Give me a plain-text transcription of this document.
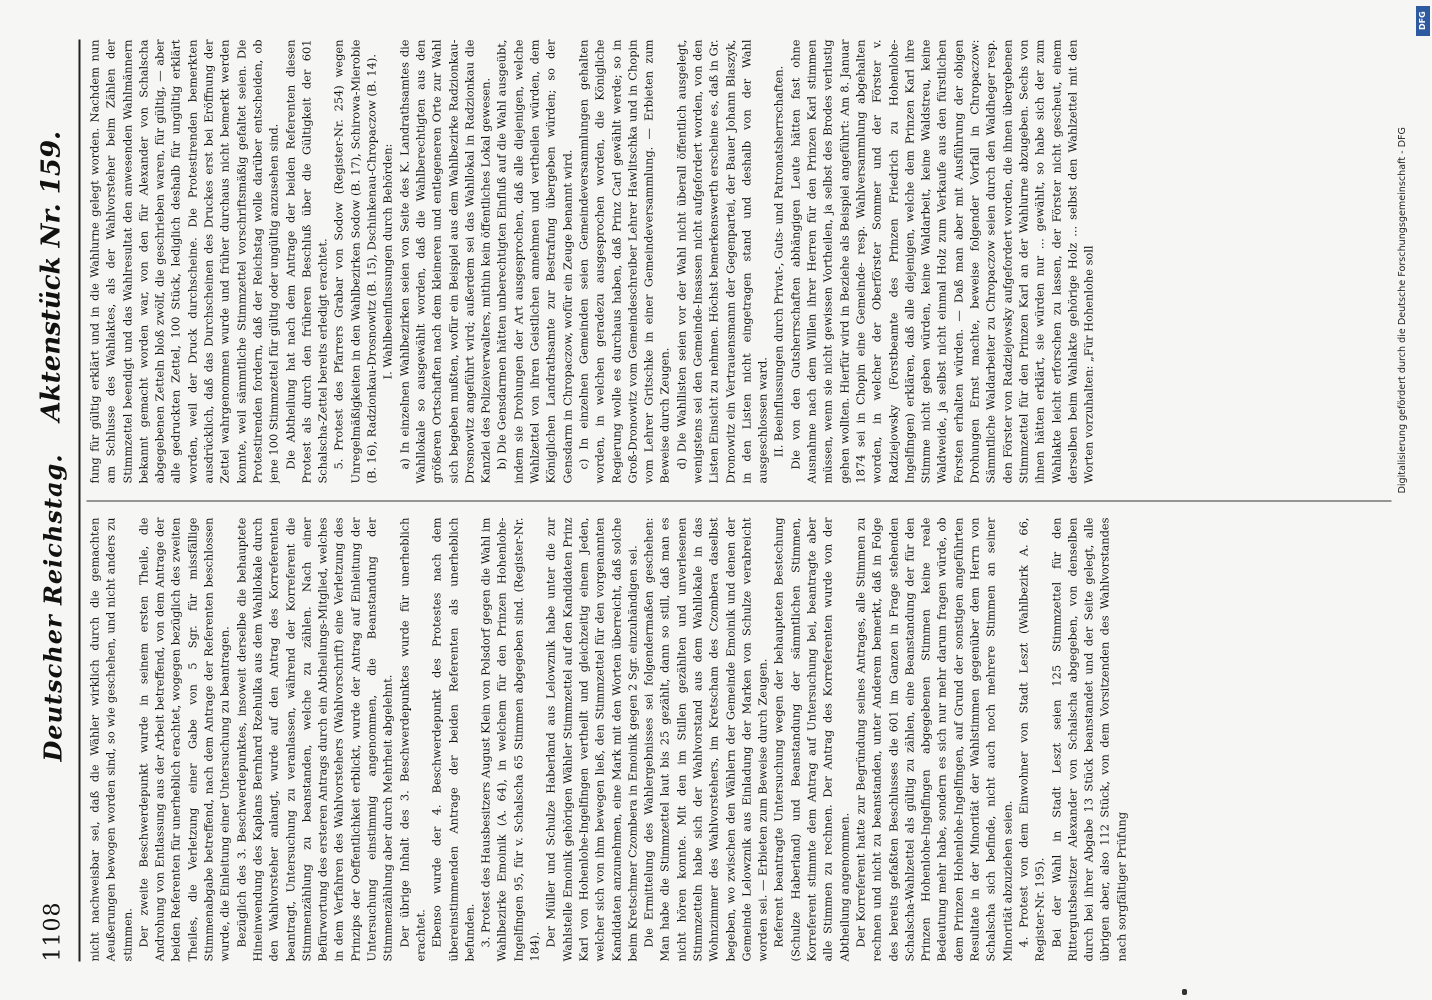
1108
Deutscher Reichstag.
Aktenstück Nr. 159.

nicht nachweisbar sei, daß die Wähler wirklich durch die gemachten Aeußerungen bewogen worden sind, so wie geschehen, und nicht anders zu stimmen. Der zweite Beschwerdepunkt wurde in seinem ersten Theile, die Androhung von Entlassung aus der Arbeit betreffend, von dem Antrage der beiden Referenten für unerheblich erachtet, wogegen bezüglich des zweiten Theiles, die Verletzung einer Gabe von 5 Sgr. für missfällige Stimmenabgabe betreffend, nach dem Antrage der Referenten beschlossen wurde, die Einleitung einer Untersuchung zu beantragen. Bezüglich des 3. Beschwerdepunktes, insoweit derselbe die behauptete Hineinwendung des Kaplans Bernhard Rzehulka aus dem Wahllokale durch den Wahlvorsteher anlangt, wurde auf den Antrag des Korreferenten beantragt, Untersuchung zu veranlassen, während der Korreferent die Stimmenzählung zu beanstanden, welche zu zählen. Nach einer Befürwortung des ersteren Antrags durch ein Abtheilungs-Mitglied, welches in dem Verfahren des Wahlvorstehers (Wahlvorschrift) eine Verletzung des Prinzips der Oeffentlichkeit erblickt, wurde der Antrag auf Einleitung der Untersuchung einstimmig angenommen, die Beanstandung der Stimmenzählung aber durch Mehrheit abgelehnt. Der übrige Inhalt des 3. Beschwerdepunktes wurde für unerheblich erachtet. Ebenso wurde der 4. Beschwerdepunkt des Protestes nach dem übereinstimmenden Antrage der beiden Referenten als unerheblich befunden. 3. Protest des Hausbesitzers August Klein von Polsdorf gegen die Wahl im Wahlbezirke Emoinik (A. 64), in welchem für den Prinzen Hohenlohe-Ingelfingen 95, für v. Schalscha 65 Stimmen abgegeben sind. (Register-Nr. 184). Der Müller und Schulze Haberland aus Lelowznik habe unter die zur Wahlstelle Emoinik gehörigen Wähler Stimmzettel auf den Kandidaten Prinz Karl von Hohenlohe-Ingelfingen vertheilt und gleichzeitig einem Jeden, welcher sich von ihm bewegen ließ, den Stimmzettel für den vorgenannten Kandidaten anzunehmen, eine Mark mit den Worten überreicht, daß solche beim Kretschmer Czombera in Emoinik gegen 2 Sgr. einzuhändigen sei. Die Ermittelung des Wahlergebnisses sei folgendermaßen geschehen: Man habe die Stimmzettel laut bis 25 gezählt, dann so still, daß man es nicht hören konnte. Mit den im Stillen gezählten und unverlesenen Stimmzetteln habe sich der Wahlvorstand aus dem Wahllokale in das Wohnzimmer des Wahlvorstehers, im Kretscham des Czombera daselbst begeben, wo zwischen den Wählern der Gemeinde Emoinik und denen der Gemeinde Lelowznik aus Einladung der Marken von Schulze verabreicht worden sei. — Erbieten zum Beweise durch Zeugen. Referent beantragte Untersuchung wegen der behaupteten Bestechung (Schulze Haberland) und Beanstandung der sämmtlichen Stimmen, Korreferent stimmte dem Antrag auf Untersuchung bei, beantragte aber alle Stimmen zu rechnen. Der Antrag des Korreferenten wurde von der Abtheilung angenommen. Der Korreferent hatte zur Begründung seines Antrages, alle Stimmen zu rechnen und nicht zu beanstanden, unter Anderem bemerkt, daß in Folge des bereits gefaßten Beschlusses die 601 im Ganzen in Frage stehenden Schalscha-Wahlzettel als gültig zu zählen, eine Beanstandung der für den Prinzen Hohenlohe-Ingelfingen abgegebenen Stimmen keine reale Bedeutung mehr habe, sondern es sich nur mehr darum fragen würde, ob dem Prinzen Hohenlohe-Ingelfingen, auf Grund der sonstigen angeführten Resultate in der Minorität der Wahlstimmen gegenüber dem Herrn von Schalscha sich befinde, nicht auch noch mehrere Stimmen an seiner Minorität abzuziehen seien. 4. Protest von dem Einwohner von Stadt Leszt (Wahlbezirk A. 66, Register-Nr. 195). Bei der Wahl in Stadt Leszt seien 125 Stimmzettel für den Rittergutsbesitzer Alexander von Schalscha abgegeben, von denselben durch bei ihrer Abgabe 13 Stück beanstandet und der Seite gelegt, alle übrigen aber, also 112 Stück, von dem Vorsitzenden des Wahlvorstandes nach sorgfältiger Prüfung

fung für gültig erklärt und in die Wahlurne gelegt worden. Nachdem nun am Schlusse des Wahlaktes, als der Wahlvorsteher beim Zählen der Stimmzettel beendigt und das Wahlresultat den anwesenden Wahlmännern bekannt gemacht worden war, von den für Alexander von Schalscha abgegebenen Zetteln bloß zwölf, die geschrieben waren, für gültig, — aber alle gedruckten Zettel, 100 Stück, lediglich deshalb für ungültig erklärt worden, weil der Druck durchscheine. Die Protestirenden bemerkten ausdrücklich, daß das Durchscheinen des Druckes erst bei Eröffnung der Zettel wahrgenommen wurde und früher durchaus nicht bemerkt werden konnte, weil sämmtliche Stimmzettel vorschriftsmäßig gefaltet seien. Die Protestirenden fordern, daß der Reichstag wolle darüber entscheiden, ob jene 100 Stimmzettel für gültig oder ungültig anzusehen sind. Die Abtheilung hat nach dem Antrage der beiden Referenten diesen Protest als durch den früheren Beschluß über die Gültigkeit der 601 Schalscha-Zettel bereits erledigt erachtet. 5. Protest des Pfarrers Grabar von Sodow (Register-Nr. 254) wegen Unregelmäßigkeiten in den Wahlbezirken Sodow (B. 17), Schirowa-Mierobie (B. 16), Radzionkau-Drosnowitz (B. 15), Dschinkenau-Chropaczow (B. 14). I. Wahlbeeinflussungen durch Behörden: a) In einzelnen Wahlbezirken seien von Seite des K. Landrathsamtes die Wahllokale so ausgewählt worden, daß die Wahlberechtigten aus den größeren Ortschaften nach dem kleineren und entlegeneren Orte zur Wahl sich begeben mußten, wofür ein Beispiel aus dem Wahlbezirke Radzionkau-Drosnowitz angeführt wird; außerdem sei das Wahllokal in Radzionkau die Kanzlei des Polizeiverwalters, mithin kein öffentliches Lokal gewesen. b) Die Gensdarmen hätten unberechtigten Einfluß auf die Wahl ausgeübt, indem sie Drohungen der Art ausgesprochen, daß alle diejenigen, welche Wahlzettel von ihren Geistlichen annehmen und vertheilen würden, dem Königlichen Landrathsamte zur Bestrafung übergeben würden; so der Gensdarm in Chropaczow, wofür ein Zeuge benannt wird. c) In einzelnen Gemeinden seien Gemeindeversammlungen gehalten worden, in welchen geradezu ausgesprochen worden, die Königliche Regierung wolle es durchaus haben, daß Prinz Carl gewählt werde; so in Groß-Dronowitz vom Gemeindeschreiber Lehrer Hawlitschka und in Chopin vom Lehrer Gritschke in einer Gemeindeversammlung. — Erbieten zum Beweise durch Zeugen. d) Die Wahllisten seien vor der Wahl nicht überall öffentlich ausgelegt, wenigstens sei den Gemeinde-Insassen nicht aufgefordert worden, von den Listen Einsicht zu nehmen. Höchst bemerkenswerth erscheine es, daß in Gr. Dronowitz ein Vertrauensmann der Gegenpartei, der Bauer Johann Blaszyk, in den Listen nicht eingetragen stand und deshalb von der Wahl ausgeschlossen ward. II. Beeinflussungen durch Privat-, Guts- und Patronatsherrschaften. Die von den Gutsherrschaften abhängigen Leute hätten fast ohne Ausnahme nach dem Willen ihrer Herren für den Prinzen Karl stimmen müssen, wenn sie nicht gewissen Vortheilen, ja selbst des Brodes verlustig gehen wollten. Hierfür wird in Beziehe als Beispiel angeführt: Am 8. Januar 1874 sei in Chopin eine Gemeinde- resp. Wahlversammlung abgehalten worden, in welcher der Oberförster Sommer und der Förster v. Radziejowsky (Forstbeamte des Prinzen Friedrich zu Hohenlohe-Ingelfingen) erklären, daß alle diejenigen, welche dem Prinzen Karl ihre Stimme nicht geben würden, keine Waldarbeit, keine Waldstreu, keine Waldweide, ja selbst nicht einmal Holz zum Verkaufe aus den fürstlichen Forsten erhalten würden. — Daß man aber mit Ausführung der obigen Drohungen Ernst machte, beweise folgender Vorfall in Chropaczow: Sämmtliche Waldarbeiter zu Chropaczow seien durch den Waldheger resp. den Förster von Radziejowsky aufgefordert worden, die ihnen übergebenen Stimmzettel für den Prinzen Karl an der Wahlurne abzugeben. Sechs von ihnen hätten erklärt, sie würden nur ... gewählt, so habe sich der zum Wahlakte leicht erforschen zu lassen, der Förster nicht gescheut, einem derselben beim Wahlakte gehörige Holz ... selbst den Wahlzettel mit den Worten vorzuhalten: „Für Hohenlohe soll

DFG
Digitalisierung gefördert durch die Deutsche Forschungsgemeinschaft - DFG
